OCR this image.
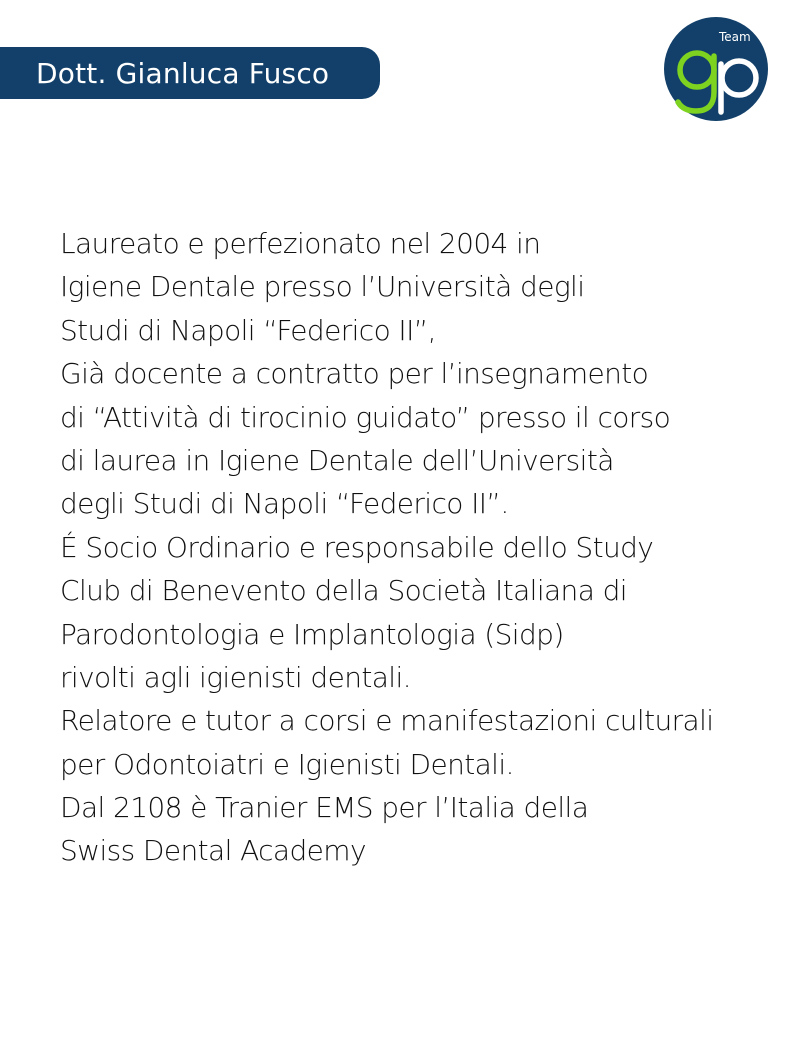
Dott. Gianluca Fusco
Team
Laureato e perfezionato nel 2004 in
Igiene Dentale presso l’Università degli
Studi di Napoli “Federico II”,
Già docente a contratto per l’insegnamento
di “Attività di tirocinio guidato” presso il corso
di laurea in Igiene Dentale dell’Università
degli Studi di Napoli “Federico II”.
É Socio Ordinario e responsabile dello Study
Club di Benevento della Società Italiana di
Parodontologia e Implantologia (Sidp)
rivolti agli igienisti dentali.
Relatore e tutor a corsi e manifestazioni culturali
per Odontoiatri e Igienisti Dentali.
Dal 2108 è Tranier EMS per l’Italia della
Swiss Dental Academy
